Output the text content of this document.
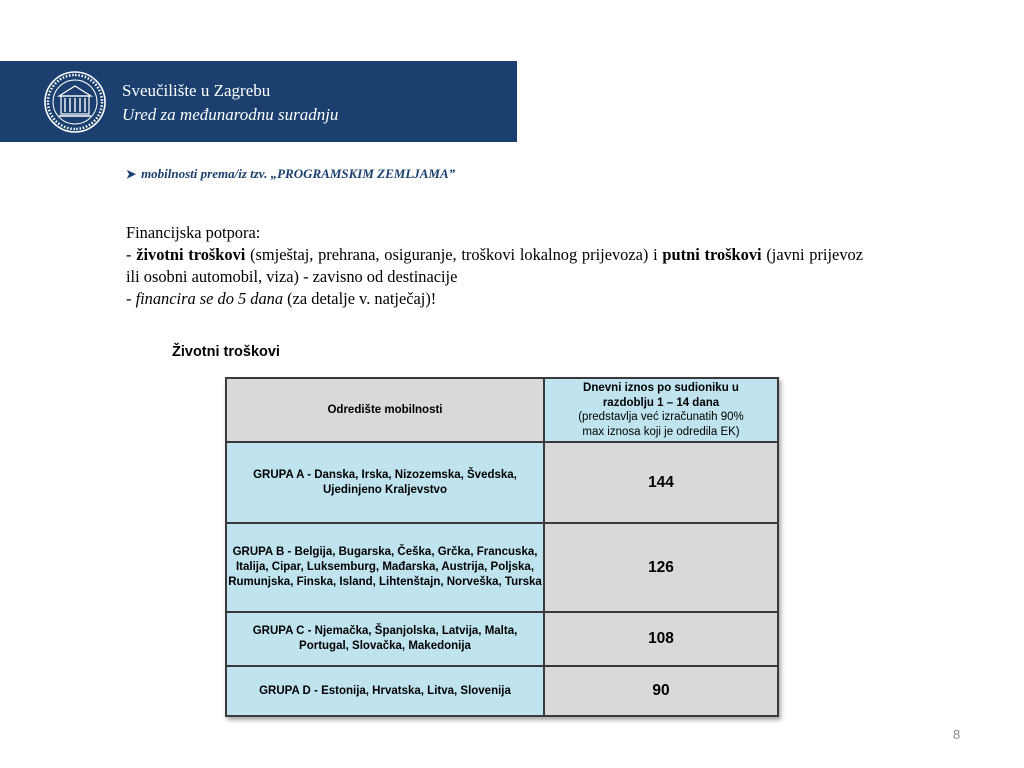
Sveučilište u Zagrebu
Ured za međunarodnu suradnju
➤ mobilnosti prema/iz tzv. „PROGRAMSKIM ZEMLJAMA”

Financijska potpora:

- životni troškovi (smještaj, prehrana, osiguranje, troškovi lokalnog prijevoza) i putni troškovi (javni prijevoz ili osobni automobil, viza) - zavisno od destinacije

- financira se do 5 dana (za detalje v. natječaj)!

Životni troškovi
Odredište mobilnosti	Dnevni iznos po sudioniku u
razdoblju 1 – 14 dana
(predstavlja već izračunatih 90%
max iznosa koji je odredila EK)

GRUPA A - Danska, Irska, Nizozemska, Švedska, Ujedinjeno Kraljevstvo	144
GRUPA B - Belgija, Bugarska, Češka, Grčka, Francuska, Italija, Cipar, Luksemburg, Mađarska, Austrija, Poljska, Rumunjska, Finska, Island, Lihtenštajn, Norveška, Turska	126
GRUPA C - Njemačka, Španjolska, Latvija, Malta, Portugal, Slovačka, Makedonija	108
GRUPA D - Estonija, Hrvatska, Litva, Slovenija	90
8
